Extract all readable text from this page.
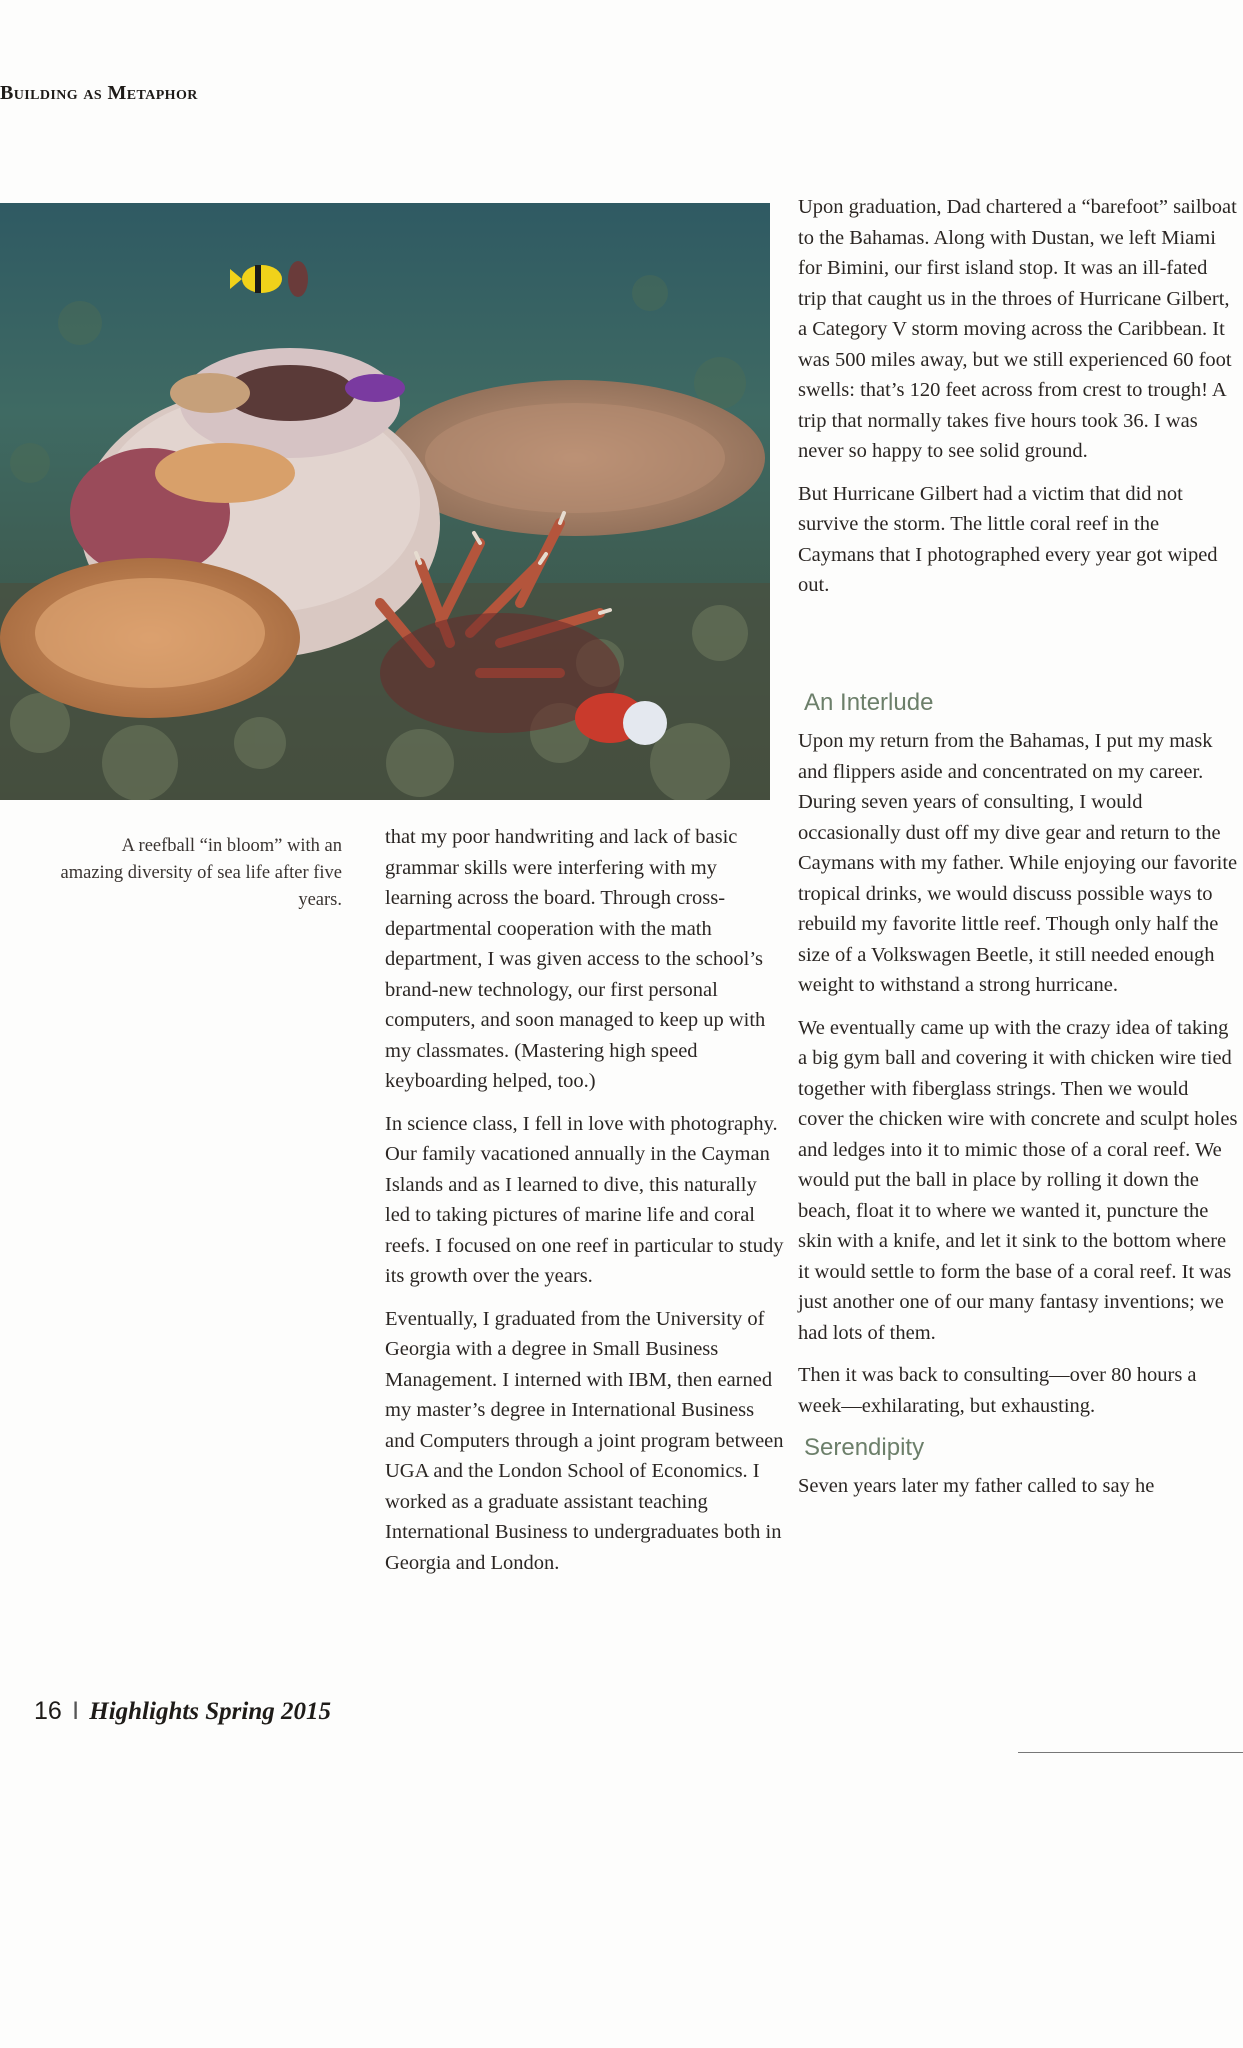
Building as Metaphor
A reefball “in bloom” with an amazing diversity of sea life after five years.

that my poor handwriting and lack of basic grammar skills were interfering with my learning across the board. Through cross-departmental cooperation with the math department, I was given access to the school’s brand-new technology, our first personal computers, and soon managed to keep up with my classmates. (Mastering high speed keyboarding helped, too.)

In science class, I fell in love with photography. Our family vacationed annually in the Cayman Islands and as I learned to dive, this naturally led to taking pictures of marine life and coral reefs. I focused on one reef in particular to study its growth over the years.

Eventually, I graduated from the University of Georgia with a degree in Small Business Management. I interned with IBM, then earned my master’s degree in International Business and Computers through a joint program between UGA and the London School of Economics. I worked as a graduate assistant teaching International Business to undergraduates both in Georgia and London.

Upon graduation, Dad chartered a “barefoot” sailboat to the Bahamas. Along with Dustan, we left Miami for Bimini, our first island stop. It was an ill-fated trip that caught us in the throes of Hurricane Gilbert, a Category V storm moving across the Caribbean. It was 500 miles away, but we still experienced 60 foot swells: that’s 120 feet across from crest to trough! A trip that normally takes five hours took 36. I was never so happy to see solid ground.

But Hurricane Gilbert had a victim that did not survive the storm. The little coral reef in the Caymans that I photographed every year got wiped out.

An Interlude

Upon my return from the Bahamas, I put my mask and flippers aside and concentrated on my career. During seven years of consulting, I would occasionally dust off my dive gear and return to the Caymans with my father. While enjoying our favorite tropical drinks, we would discuss possible ways to rebuild my favorite little reef. Though only half the size of a Volkswagen Beetle, it still needed enough weight to withstand a strong hurricane.

We eventually came up with the crazy idea of taking a big gym ball and covering it with chicken wire tied together with fiberglass strings. Then we would cover the chicken wire with concrete and sculpt holes and ledges into it to mimic those of a coral reef. We would put the ball in place by rolling it down the beach, float it to where we wanted it, puncture the skin with a knife, and let it sink to the bottom where it would settle to form the base of a coral reef. It was just another one of our many fantasy inventions; we had lots of them.

Then it was back to consulting—over 80 hours a week—exhilarating, but exhausting.

Serendipity

Seven years later my father called to say he

16 I Highlights Spring 2015
